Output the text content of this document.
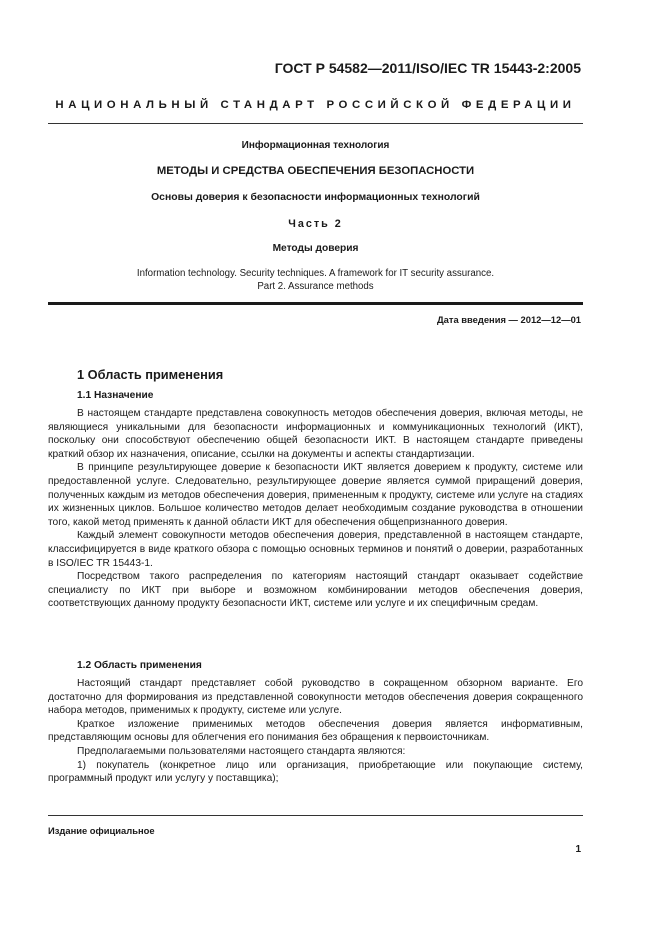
ГОСТ Р 54582—2011/ISO/IEC TR 15443-2:2005
НАЦИОНАЛЬНЫЙ СТАНДАРТ РОССИЙСКОЙ ФЕДЕРАЦИИ
Информационная технология
МЕТОДЫ И СРЕДСТВА ОБЕСПЕЧЕНИЯ БЕЗОПАСНОСТИ
Основы доверия к безопасности информационных технологий
Часть 2
Методы доверия
Information technology. Security techniques. A framework for IT security assurance.
Part 2. Assurance methods
Дата введения — 2012—12—01
1 Область применения
1.1 Назначение

В настоящем стандарте представлена совокупность методов обеспечения доверия, включая методы, не являющиеся уникальными для безопасности информационных и коммуникационных технологий (ИКТ), поскольку они способствуют обеспечению общей безопасности ИКТ. В настоящем стандарте приведены краткий обзор их назначения, описание, ссылки на документы и аспекты стандартизации.

В принципе результирующее доверие к безопасности ИКТ является доверием к продукту, системе или предоставленной услуге. Следовательно, результирующее доверие является суммой приращений доверия, полученных каждым из методов обеспечения доверия, примененным к продукту, системе или услуге на стадиях их жизненных циклов. Большое количество методов делает необходимым создание руководства в отношении того, какой метод применять к данной области ИКТ для обеспечения общепризнанного доверия.

Каждый элемент совокупности методов обеспечения доверия, представленной в настоящем стандарте, классифицируется в виде краткого обзора с помощью основных терминов и понятий о доверии, разработанных в ISO/IEC TR 15443-1.

Посредством такого распределения по категориям настоящий стандарт оказывает содействие специалисту по ИКТ при выборе и возможном комбинировании методов обеспечения доверия, соответствующих данному продукту безопасности ИКТ, системе или услуге и их специфичным средам.

1.2 Область применения

Настоящий стандарт представляет собой руководство в сокращенном обзорном варианте. Его достаточно для формирования из представленной совокупности методов обеспечения доверия сокращенного набора методов, применимых к продукту, системе или услуге.

Краткое изложение применимых методов обеспечения доверия является информативным, представляющим основы для облегчения его понимания без обращения к первоисточникам.

Предполагаемыми пользователями настоящего стандарта являются:

1) покупатель (конкретное лицо или организация, приобретающие или покупающие систему, программный продукт или услугу у поставщика);

Издание официальное
1
